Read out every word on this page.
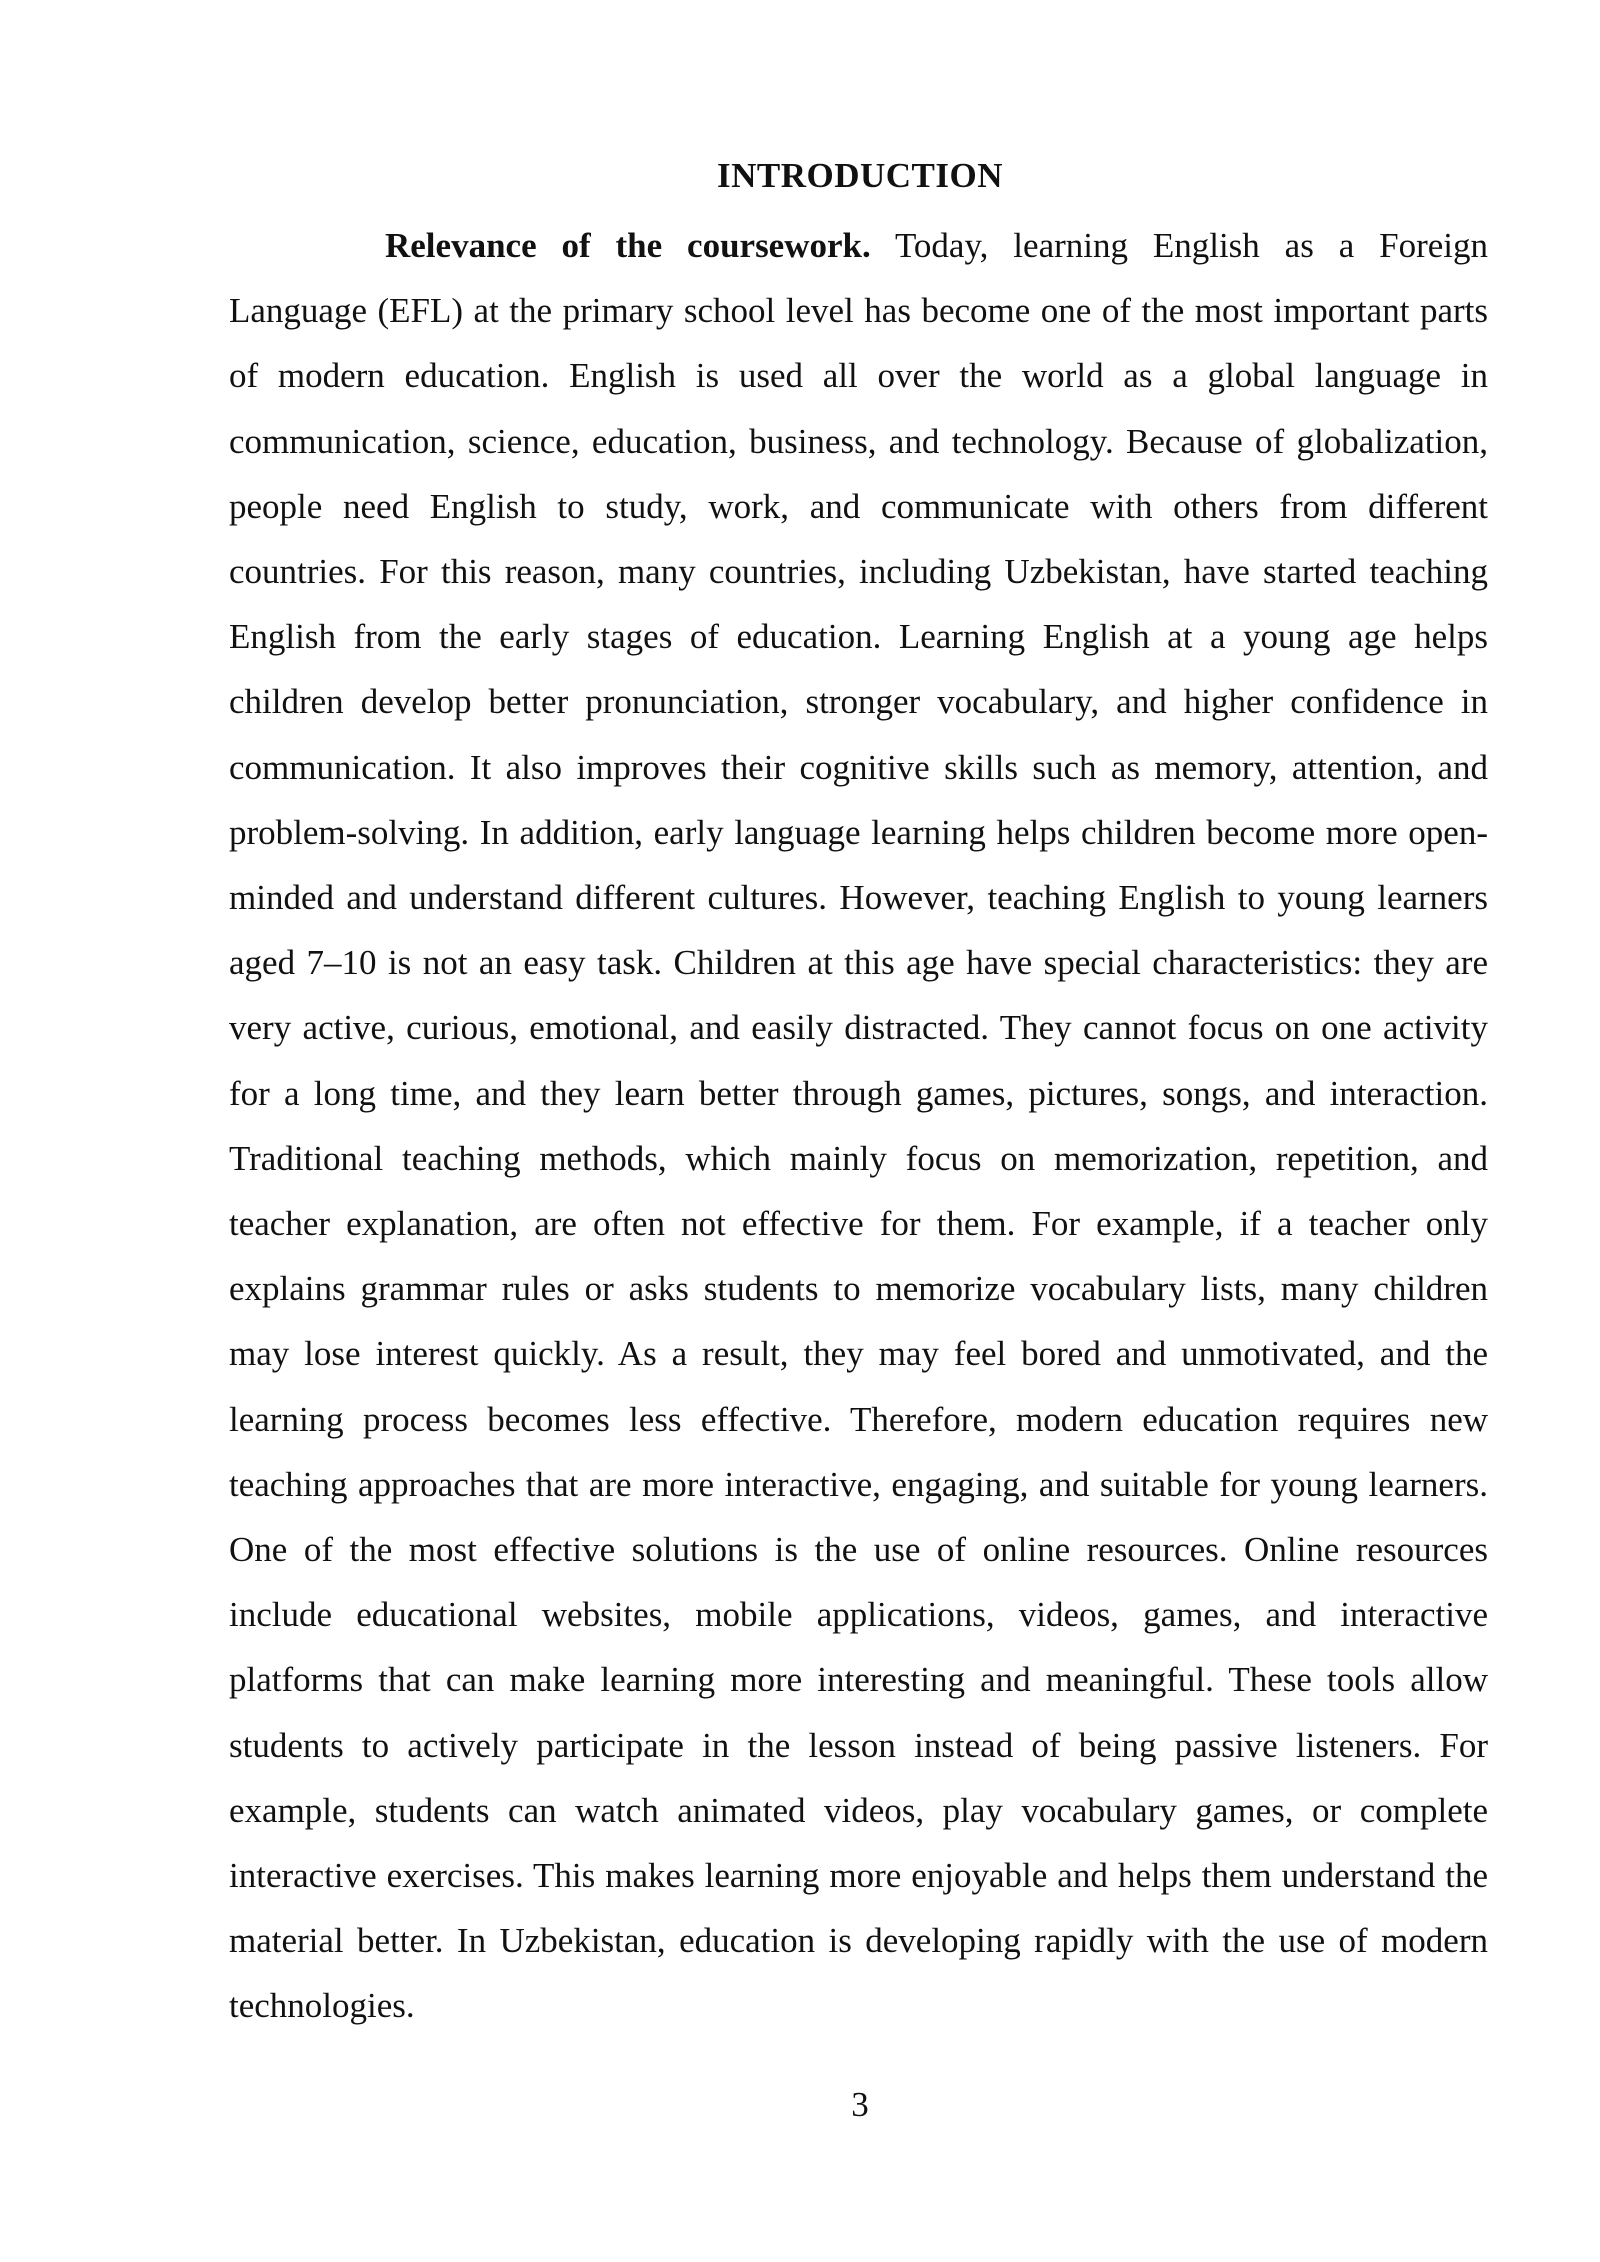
INTRODUCTION

Relevance of the coursework. Today, learning English as a Foreign Language (EFL) at the primary school level has become one of the most important parts of modern education. English is used all over the world as a global language in communication, science, education, business, and technology. Because of globalization, people need English to study, work, and communicate with others from different countries. For this reason, many countries, including Uzbekistan, have started teaching English from the early stages of education. Learning English at a young age helps children develop better pronunciation, stronger vocabulary, and higher confidence in communication. It also improves their cognitive skills such as memory, attention, and problem-solving. In addition, early language learning helps children become more open-minded and understand different cultures. However, teaching English to young learners aged 7–10 is not an easy task. Children at this age have special characteristics: they are very active, curious, emotional, and easily distracted. They cannot focus on one activity for a long time, and they learn better through games, pictures, songs, and interaction. Traditional teaching methods, which mainly focus on memorization, repetition, and teacher explanation, are often not effective for them. For example, if a teacher only explains grammar rules or asks students to memorize vocabulary lists, many children may lose interest quickly. As a result, they may feel bored and unmotivated, and the learning process becomes less effective. Therefore, modern education requires new teaching approaches that are more interactive, engaging, and suitable for young learners. One of the most effective solutions is the use of online resources. Online resources include educational websites, mobile applications, videos, games, and interactive platforms that can make learning more interesting and meaningful. These tools allow students to actively participate in the lesson instead of being passive listeners. For example, students can watch animated videos, play vocabulary games, or complete interactive exercises. This makes learning more enjoyable and helps them understand the material better. In Uzbekistan, education is developing rapidly with the use of modern technologies.

3
